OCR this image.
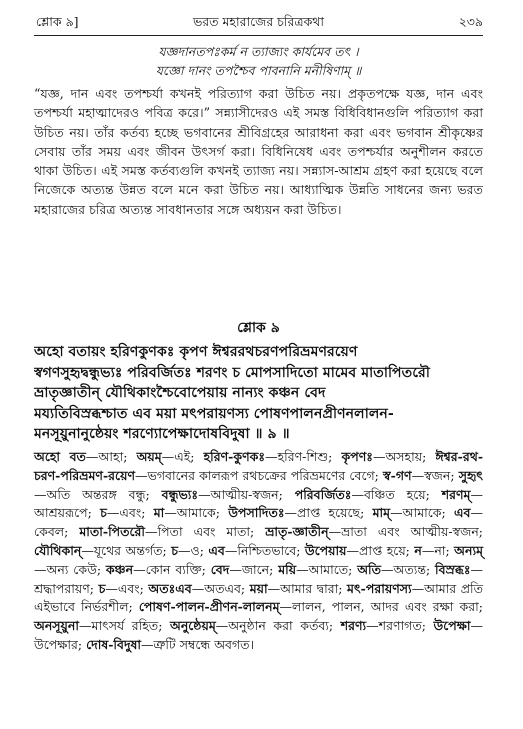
শ্লোক ৯]	ভরত মহারাজের চরিত্রকথা	২৩৯
যজ্ঞদানতপঃকর্ম ন ত্যাজ্যং কার্যমেব তৎ ।
যজ্ঞো দানং তপশ্চৈব পাবনানি মনীষিণাম্‌ ॥
“যজ্ঞ, দান এবং তপশ্চর্যা কখনই পরিত্যাগ করা উচিত নয়। প্রকৃতপক্ষে যজ্ঞ, দান এবং তপশ্চর্যা মহাত্মাদেরও পবিত্র করে।” সন্ন্যাসীদেরও এই সমস্ত বিধিবিধানগুলি পরিত্যাগ করা উচিত নয়। তাঁর কর্তব্য হচ্ছে ভগবানের শ্রীবিগ্রহের আরাধনা করা এবং ভগবান শ্রীকৃষ্ণের সেবায় তাঁর সময় এবং জীবন উৎসর্গ করা। বিধিনিষেধ এবং তপশ্চর্যার অনুশীলন করতে থাকা উচিত। এই সমস্ত কর্তব্যগুলি কখনই ত্যাজ্য নয়। সন্ন্যাস-আশ্রম গ্রহণ করা হয়েছে বলে নিজেকে অত্যন্ত উন্নত বলে মনে করা উচিত নয়। আধ্যাত্মিক উন্নতি সাধনের জন্য ভরত মহারাজের চরিত্র অত্যন্ত সাবধানতার সঙ্গে অধ্যয়ন করা উচিত।
শ্লোক ৯
অহো বতায়ং হরিণকুণকঃ কৃপণ ঈশ্বররথচরণপরিভ্রমণরয়েণ
স্বগণসুহৃদ্বন্ধুভ্যঃ পরিবর্জিতঃ শরণং চ মোপসাদিতো মামেব মাতাপিতরৌ
ভ্রাতৃজ্ঞাতীন্‌ যৌথিকাংশ্চৈবোপেয়ায় নান্যং কঞ্চন বেদ
ময্যতিবিস্রব্ধশ্চাত এব ময়া মৎপরায়ণস্য পোষণপালনপ্রীণনলালন-
মনসূয়ুনানুষ্ঠেয়ং শরণ্যোপেক্ষাদোষবিদুষা ॥ ৯ ॥
অহো বত—আহা; অয়ম্‌—এই; হরিণ-কুণকঃ—হরিণ-শিশু; কৃপণঃ—অসহায়; ঈশ্বর-রথ-চরণ-পরিভ্রমণ-রয়েণ—ভগবানের কালরূপ রথচক্রের পরিভ্রমণের বেগে; স্ব-গণ—স্বজন; সুহৃৎ—অতি অন্তরঙ্গ বন্ধু; বন্ধুভ্যঃ—আত্মীয়-স্বজন; পরিবর্জিতঃ—বঞ্চিত হয়ে; শরণম্‌—আশ্রয়রূপে; চ—এবং; মা—আমাকে; উপসাদিতঃ—প্রাপ্ত হয়েছে; মাম্‌—আমাকে; এব—কেবল; মাতা-পিতরৌ—পিতা এবং মাতা; ভ্রাতৃ-জ্ঞাতীন্‌—ভ্রাতা এবং আত্মীয়-স্বজন; যৌথিকান্‌—যূথের অন্তর্গত; চ—ও; এব—নিশ্চিতভাবে; উপেয়ায়—প্রাপ্ত হয়ে; ন—না; অন্যম্‌—অন্য কেউ; কঞ্চন—কোন ব্যক্তি; বেদ—জানে; ময়ি—আমাতে; অতি—অত্যন্ত; বিস্রব্ধঃ—শ্রদ্ধাপরায়ণ; চ—এবং; অতঃএব—অতএব; ময়া—আমার দ্বারা; মৎ-পরায়ণস্য—আমার প্রতি এইভাবে নির্ভরশীল; পোষণ-পালন-প্রীণন-লালনম্‌—লালন, পালন, আদর এবং রক্ষা করা; অনসূয়ুনা—মাৎসর্য রহিত; অনুষ্ঠেয়ম্‌—অনুষ্ঠান করা কর্তব্য; শরণ্য—শরণাগত; উপেক্ষা—উপেক্ষার; দোষ-বিদুষা—ত্রুটি সম্বন্ধে অবগত।
